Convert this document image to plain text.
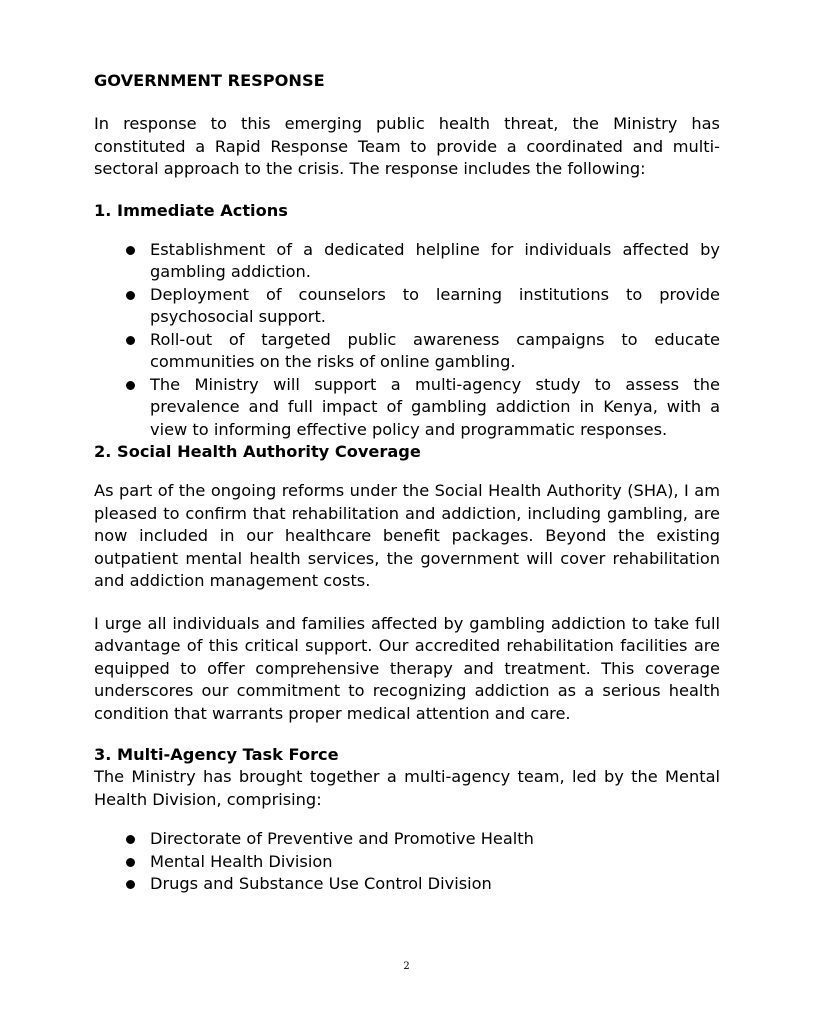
GOVERNMENT RESPONSE

In response to this emerging public health threat, the Ministry has constituted a Rapid Response Team to provide a coordinated and multi-sectoral approach to the crisis. The response includes the following:

1. Immediate Actions
Establishment of a dedicated helpline for individuals affected by gambling addiction.
Deployment of counselors to learning institutions to provide psychosocial support.
Roll-out of targeted public awareness campaigns to educate communities on the risks of online gambling.
The Ministry will support a multi-agency study to assess the prevalence and full impact of gambling addiction in Kenya, with a view to informing effective policy and programmatic responses.
2. Social Health Authority Coverage

As part of the ongoing reforms under the Social Health Authority (SHA), I am pleased to confirm that rehabilitation and addiction, including gambling, are now included in our healthcare benefit packages. Beyond the existing outpatient mental health services, the government will cover rehabilitation and addiction management costs.

I urge all individuals and families affected by gambling addiction to take full advantage of this critical support. Our accredited rehabilitation facilities are equipped to offer comprehensive therapy and treatment. This coverage underscores our commitment to recognizing addiction as a serious health condition that warrants proper medical attention and care.

3. Multi-Agency Task Force

The Ministry has brought together a multi-agency team, led by the Mental Health Division, comprising:

Directorate of Preventive and Promotive Health
Mental Health Division
Drugs and Substance Use Control Division
2
